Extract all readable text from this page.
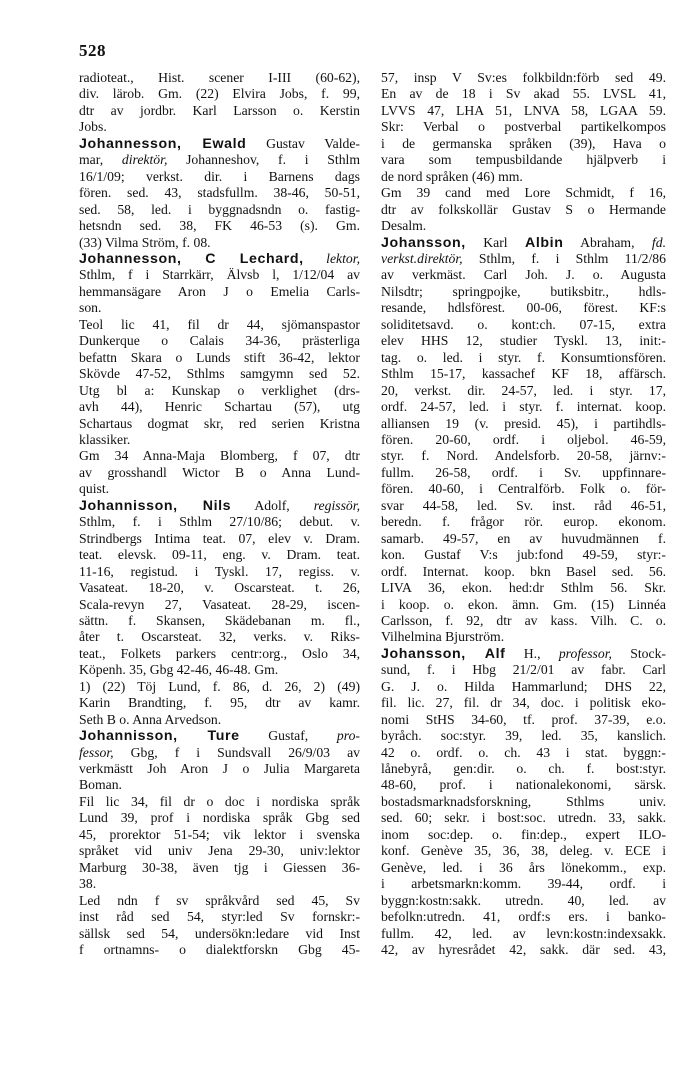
528
radioteat., Hist. scener I-III (60-62),
div. lärob. Gm. (22) Elvira Jobs, f. 99,
dtr av jordbr. Karl Larsson o. Kerstin
Jobs.
Johannesson, Ewald Gustav Valde-
mar, direktör, Johanneshov, f. i Sthlm
16/1/09; verkst. dir. i Barnens dags
fören. sed. 43, stadsfullm. 38-46, 50-51,
sed. 58, led. i byggnadsndn o. fastig-
hetsndn sed. 38, FK 46-53 (s). Gm.
(33) Vilma Ström, f. 08.
Johannesson, C Lechard, lektor,
Sthlm, f i Starrkärr, Älvsb l, 1/12/04 av
hemmansägare Aron J o Emelia Carls-
son.
Teol lic 41, fil dr 44, sjömanspastor
Dunkerque o Calais 34-36, prästerliga
befattn Skara o Lunds stift 36-42, lektor
Skövde 47-52, Sthlms samgymn sed 52.
Utg bl a: Kunskap o verklighet (drs-
avh 44), Henric Schartau (57), utg
Schartaus dogmat skr, red serien Kristna
klassiker.
Gm 34 Anna-Maja Blomberg, f 07, dtr
av grosshandl Wictor B o Anna Lund-
quist.
Johannisson, Nils Adolf, regissör,
Sthlm, f. i Sthlm 27/10/86; debut. v.
Strindbergs Intima teat. 07, elev v. Dram.
teat. elevsk. 09-11, eng. v. Dram. teat.
11-16, registud. i Tyskl. 17, regiss. v.
Vasateat. 18-20, v. Oscarsteat. t. 26,
Scala-revyn 27, Vasateat. 28-29, iscen-
sättn. f. Skansen, Skädebanan m. fl.,
åter t. Oscarsteat. 32, verks. v. Riks-
teat., Folkets parkers centr:org., Oslo 34,
Köpenh. 35, Gbg 42-46, 46-48. Gm.
1) (22) Töj Lund, f. 86, d. 26, 2) (49)
Karin Brandting, f. 95, dtr av kamr.
Seth B o. Anna Arvedson.
Johannisson, Ture Gustaf, pro-
fessor, Gbg, f i Sundsvall 26/9/03 av
verkmästt Joh Aron J o Julia Margareta
Boman.
Fil lic 34, fil dr o doc i nordiska språk
Lund 39, prof i nordiska språk Gbg sed
45, prorektor 51-54; vik lektor i svenska
språket vid univ Jena 29-30, univ:lektor
Marburg 30-38, även tjg i Giessen 36-
38.
Led ndn f sv språkvård sed 45, Sv
inst råd sed 54, styr:led Sv fornskr:-
sällsk sed 54, undersökn:ledare vid Inst
f ortnamns- o dialektforskn Gbg 45-
57, insp V Sv:es folkbildn:förb sed 49.
En av de 18 i Sv akad 55. LVSL 41,
LVVS 47, LHA 51, LNVA 58, LGAA 59.
Skr: Verbal o postverbal partikelkompos
i de germanska språken (39), Hava o
vara som tempusbildande hjälpverb i
de nord språken (46) mm.
Gm 39 cand med Lore Schmidt, f 16,
dtr av folkskollär Gustav S o Hermande
Desalm.
Johansson, Karl Albin Abraham, fd.
verkst.direktör, Sthlm, f. i Sthlm 11/2/86
av verkmäst. Carl Joh. J. o. Augusta
Nilsdtr; springpojke, butiksbitr., hdls-
resande, hdlsförest. 00-06, förest. KF:s
soliditetsavd. o. kont:ch. 07-15, extra
elev HHS 12, studier Tyskl. 13, init:-
tag. o. led. i styr. f. Konsumtionsfören.
Sthlm 15-17, kassachef KF 18, affärsch.
20, verkst. dir. 24-57, led. i styr. 17,
ordf. 24-57, led. i styr. f. internat. koop.
alliansen 19 (v. presid. 45), i partihdls-
fören. 20-60, ordf. i oljebol. 46-59,
styr. f. Nord. Andelsforb. 20-58, järnv:-
fullm. 26-58, ordf. i Sv. uppfinnare-
fören. 40-60, i Centralförb. Folk o. för-
svar 44-58, led. Sv. inst. råd 46-51,
beredn. f. frågor rör. europ. ekonom.
samarb. 49-57, en av huvudmännen f.
kon. Gustaf V:s jub:fond 49-59, styr:-
ordf. Internat. koop. bkn Basel sed. 56.
LIVA 36, ekon. hed:dr Sthlm 56. Skr.
i koop. o. ekon. ämn. Gm. (15) Linnéa
Carlsson, f. 92, dtr av kass. Vilh. C. o.
Vilhelmina Bjurström.
Johansson, Alf H., professor, Stock-
sund, f. i Hbg 21/2/01 av fabr. Carl
G. J. o. Hilda Hammarlund; DHS 22,
fil. lic. 27, fil. dr 34, doc. i politisk eko-
nomi StHS 34-60, tf. prof. 37-39, e.o.
byråch. soc:styr. 39, led. 35, kanslich.
42 o. ordf. o. ch. 43 i stat. byggn:-
lånebyrå, gen:dir. o. ch. f. bost:styr.
48-60, prof. i nationalekonomi, särsk.
bostadsmarknadsforskning, Sthlms univ.
sed. 60; sekr. i bost:soc. utredn. 33, sakk.
inom soc:dep. o. fin:dep., expert ILO-
konf. Genève 35, 36, 38, deleg. v. ECE i
Genève, led. i 36 års lönekomm., exp.
i arbetsmarkn:komm. 39-44, ordf. i
byggn:kostn:sakk. utredn. 40, led. av
befolkn:utredn. 41, ordf:s ers. i banko-
fullm. 42, led. av levn:kostn:indexsakk.
42, av hyresrådet 42, sakk. där sed. 43,
